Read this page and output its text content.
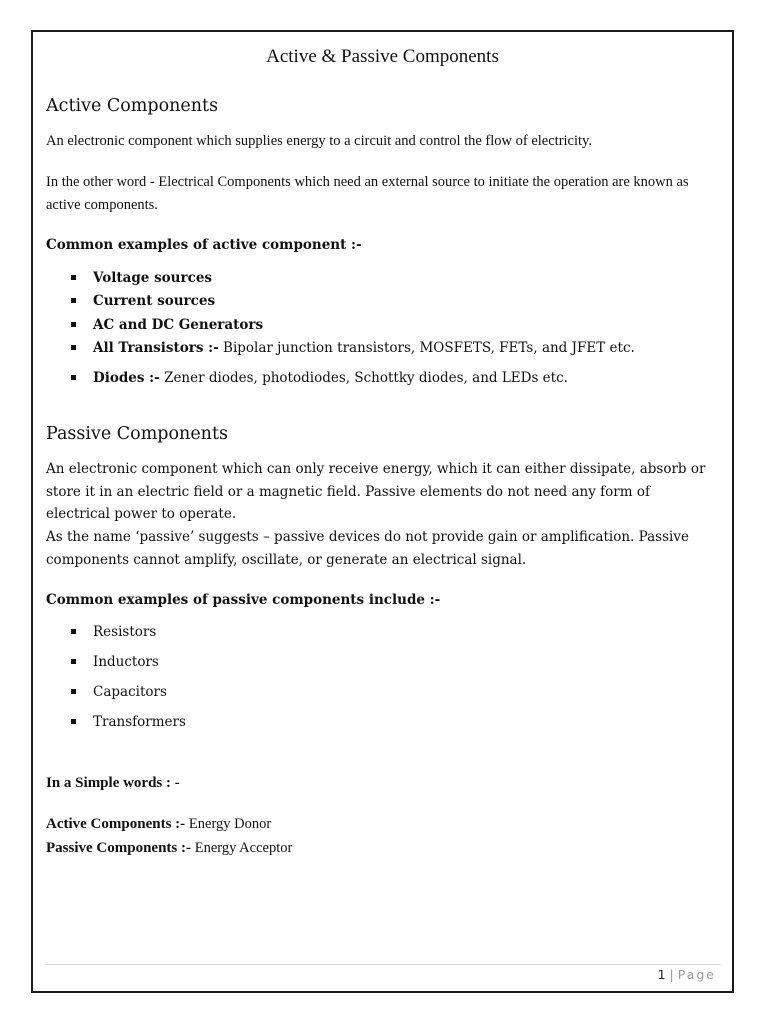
Active & Passive Components
Active Components
An electronic component which supplies energy to a circuit and control the flow of electricity.
In the other word - Electrical Components which need an external source to initiate the operation are known as active components.
Common examples of active component :-
Voltage sources
Current sources
AC and DC Generators
All Transistors :- Bipolar junction transistors, MOSFETS, FETs, and JFET etc.
Diodes :- Zener diodes, photodiodes, Schottky diodes, and LEDs etc.
Passive Components
An electronic component which can only receive energy, which it can either dissipate, absorb or store it in an electric field or a magnetic field. Passive elements do not need any form of electrical power to operate.
As the name ‘passive’ suggests – passive devices do not provide gain or amplification. Passive components cannot amplify, oscillate, or generate an electrical signal.
Common examples of passive components include :-
Resistors
Inductors
Capacitors
Transformers
In a Simple words : -
Active Components :- Energy Donor
Passive Components :- Energy Acceptor
1 | Page
